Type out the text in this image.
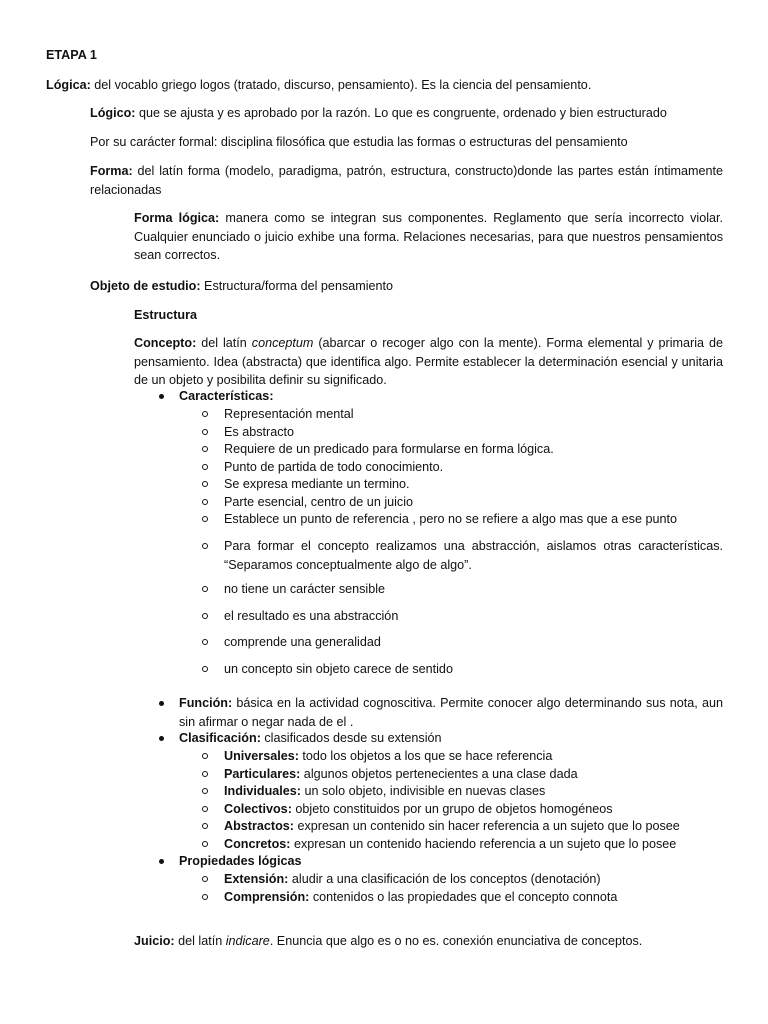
ETAPA 1
Lógica: del vocablo griego logos (tratado, discurso, pensamiento). Es la ciencia del pensamiento.
Lógico: que se ajusta y es aprobado por la razón. Lo que es congruente, ordenado y bien estructurado
Por su carácter formal: disciplina filosófica que estudia las formas o estructuras del pensamiento
Forma: del latín forma (modelo, paradigma, patrón, estructura, constructo)donde las partes están íntimamente relacionadas
Forma lógica: manera como se integran sus componentes. Reglamento que sería incorrecto violar. Cualquier enunciado o juicio exhibe una forma. Relaciones necesarias, para que nuestros pensamientos sean correctos.
Objeto de estudio: Estructura/forma del pensamiento
Estructura
Concepto: del latín conceptum (abarcar o recoger algo con la mente). Forma elemental y primaria de pensamiento. Idea (abstracta) que identifica algo. Permite establecer la determinación esencial y unitaria de un objeto y posibilita definir su significado.
Características:
Representación mental
Es abstracto
Requiere de un predicado para formularse en forma lógica.
Punto de partida de todo conocimiento.
Se expresa mediante un termino.
Parte esencial, centro de un juicio
Establece un punto de referencia , pero no se refiere a algo mas que a ese punto
Para formar el concepto realizamos una abstracción, aislamos otras características. “Separamos conceptualmente algo de algo”.
no tiene un carácter sensible
el resultado es una abstracción
comprende una generalidad
un concepto sin objeto carece de sentido
Función: básica en la actividad cognoscitiva. Permite conocer algo determinando sus nota, aun sin afirmar o negar nada de el .
Clasificación: clasificados desde su extensión
Universales: todo los objetos a los que se hace referencia
Particulares: algunos objetos pertenecientes a una clase dada
Individuales: un solo objeto, indivisible en nuevas clases
Colectivos: objeto constituidos por un grupo de objetos homogéneos
Abstractos: expresan un contenido sin hacer referencia a un sujeto que lo posee
Concretos: expresan un contenido haciendo referencia a un sujeto que lo posee
Propiedades lógicas
Extensión: aludir a una clasificación de los conceptos (denotación)
Comprensión: contenidos o las propiedades que el concepto connota
Juicio: del latín indicare. Enuncia que algo es o no es. conexión enunciativa de conceptos.
